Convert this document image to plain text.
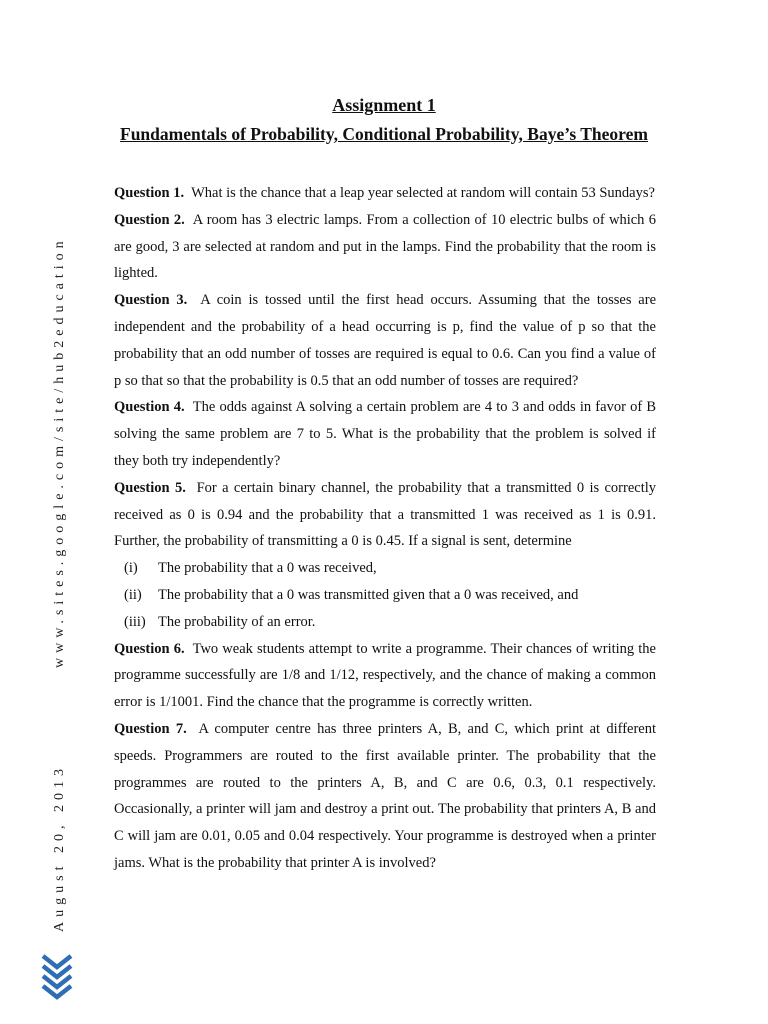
www.sites.google.com/site/hub2education
August 20, 2013

Assignment 1

Fundamentals of Probability, Conditional Probability, Baye’s Theorem

Question 1. What is the chance that a leap year selected at random will contain 53 Sundays?

Question 2. A room has 3 electric lamps. From a collection of 10 electric bulbs of which 6 are good, 3 are selected at random and put in the lamps. Find the probability that the room is lighted.

Question 3. A coin is tossed until the first head occurs. Assuming that the tosses are independent and the probability of a head occurring is p, find the value of p so that the probability that an odd number of tosses are required is equal to 0.6. Can you find a value of p so that so that the probability is 0.5 that an odd number of tosses are required?

Question 4. The odds against A solving a certain problem are 4 to 3 and odds in favor of B solving the same problem are 7 to 5. What is the probability that the problem is solved if they both try independently?

Question 5. For a certain binary channel, the probability that a transmitted 0 is correctly received as 0 is 0.94 and the probability that a transmitted 1 was received as 1 is 0.91. Further, the probability of transmitting a 0 is 0.45. If a signal is sent, determine

(i)	The probability that a 0 was received,

(ii)	The probability that a 0 was transmitted given that a 0 was received, and

(iii) The probability of an error.

Question 6. Two weak students attempt to write a programme. Their chances of writing the programme successfully are 1/8 and 1/12, respectively, and the chance of making a common error is 1/1001. Find the chance that the programme is correctly written.

Question 7. A computer centre has three printers A, B, and C, which print at different speeds. Programmers are routed to the first available printer. The probability that the programmes are routed to the printers A, B, and C are 0.6, 0.3, 0.1 respectively. Occasionally, a printer will jam and destroy a print out. The probability that printers A, B and C will jam are 0.01, 0.05 and 0.04 respectively. Your programme is destroyed when a printer jams. What is the probability that printer A is involved?
